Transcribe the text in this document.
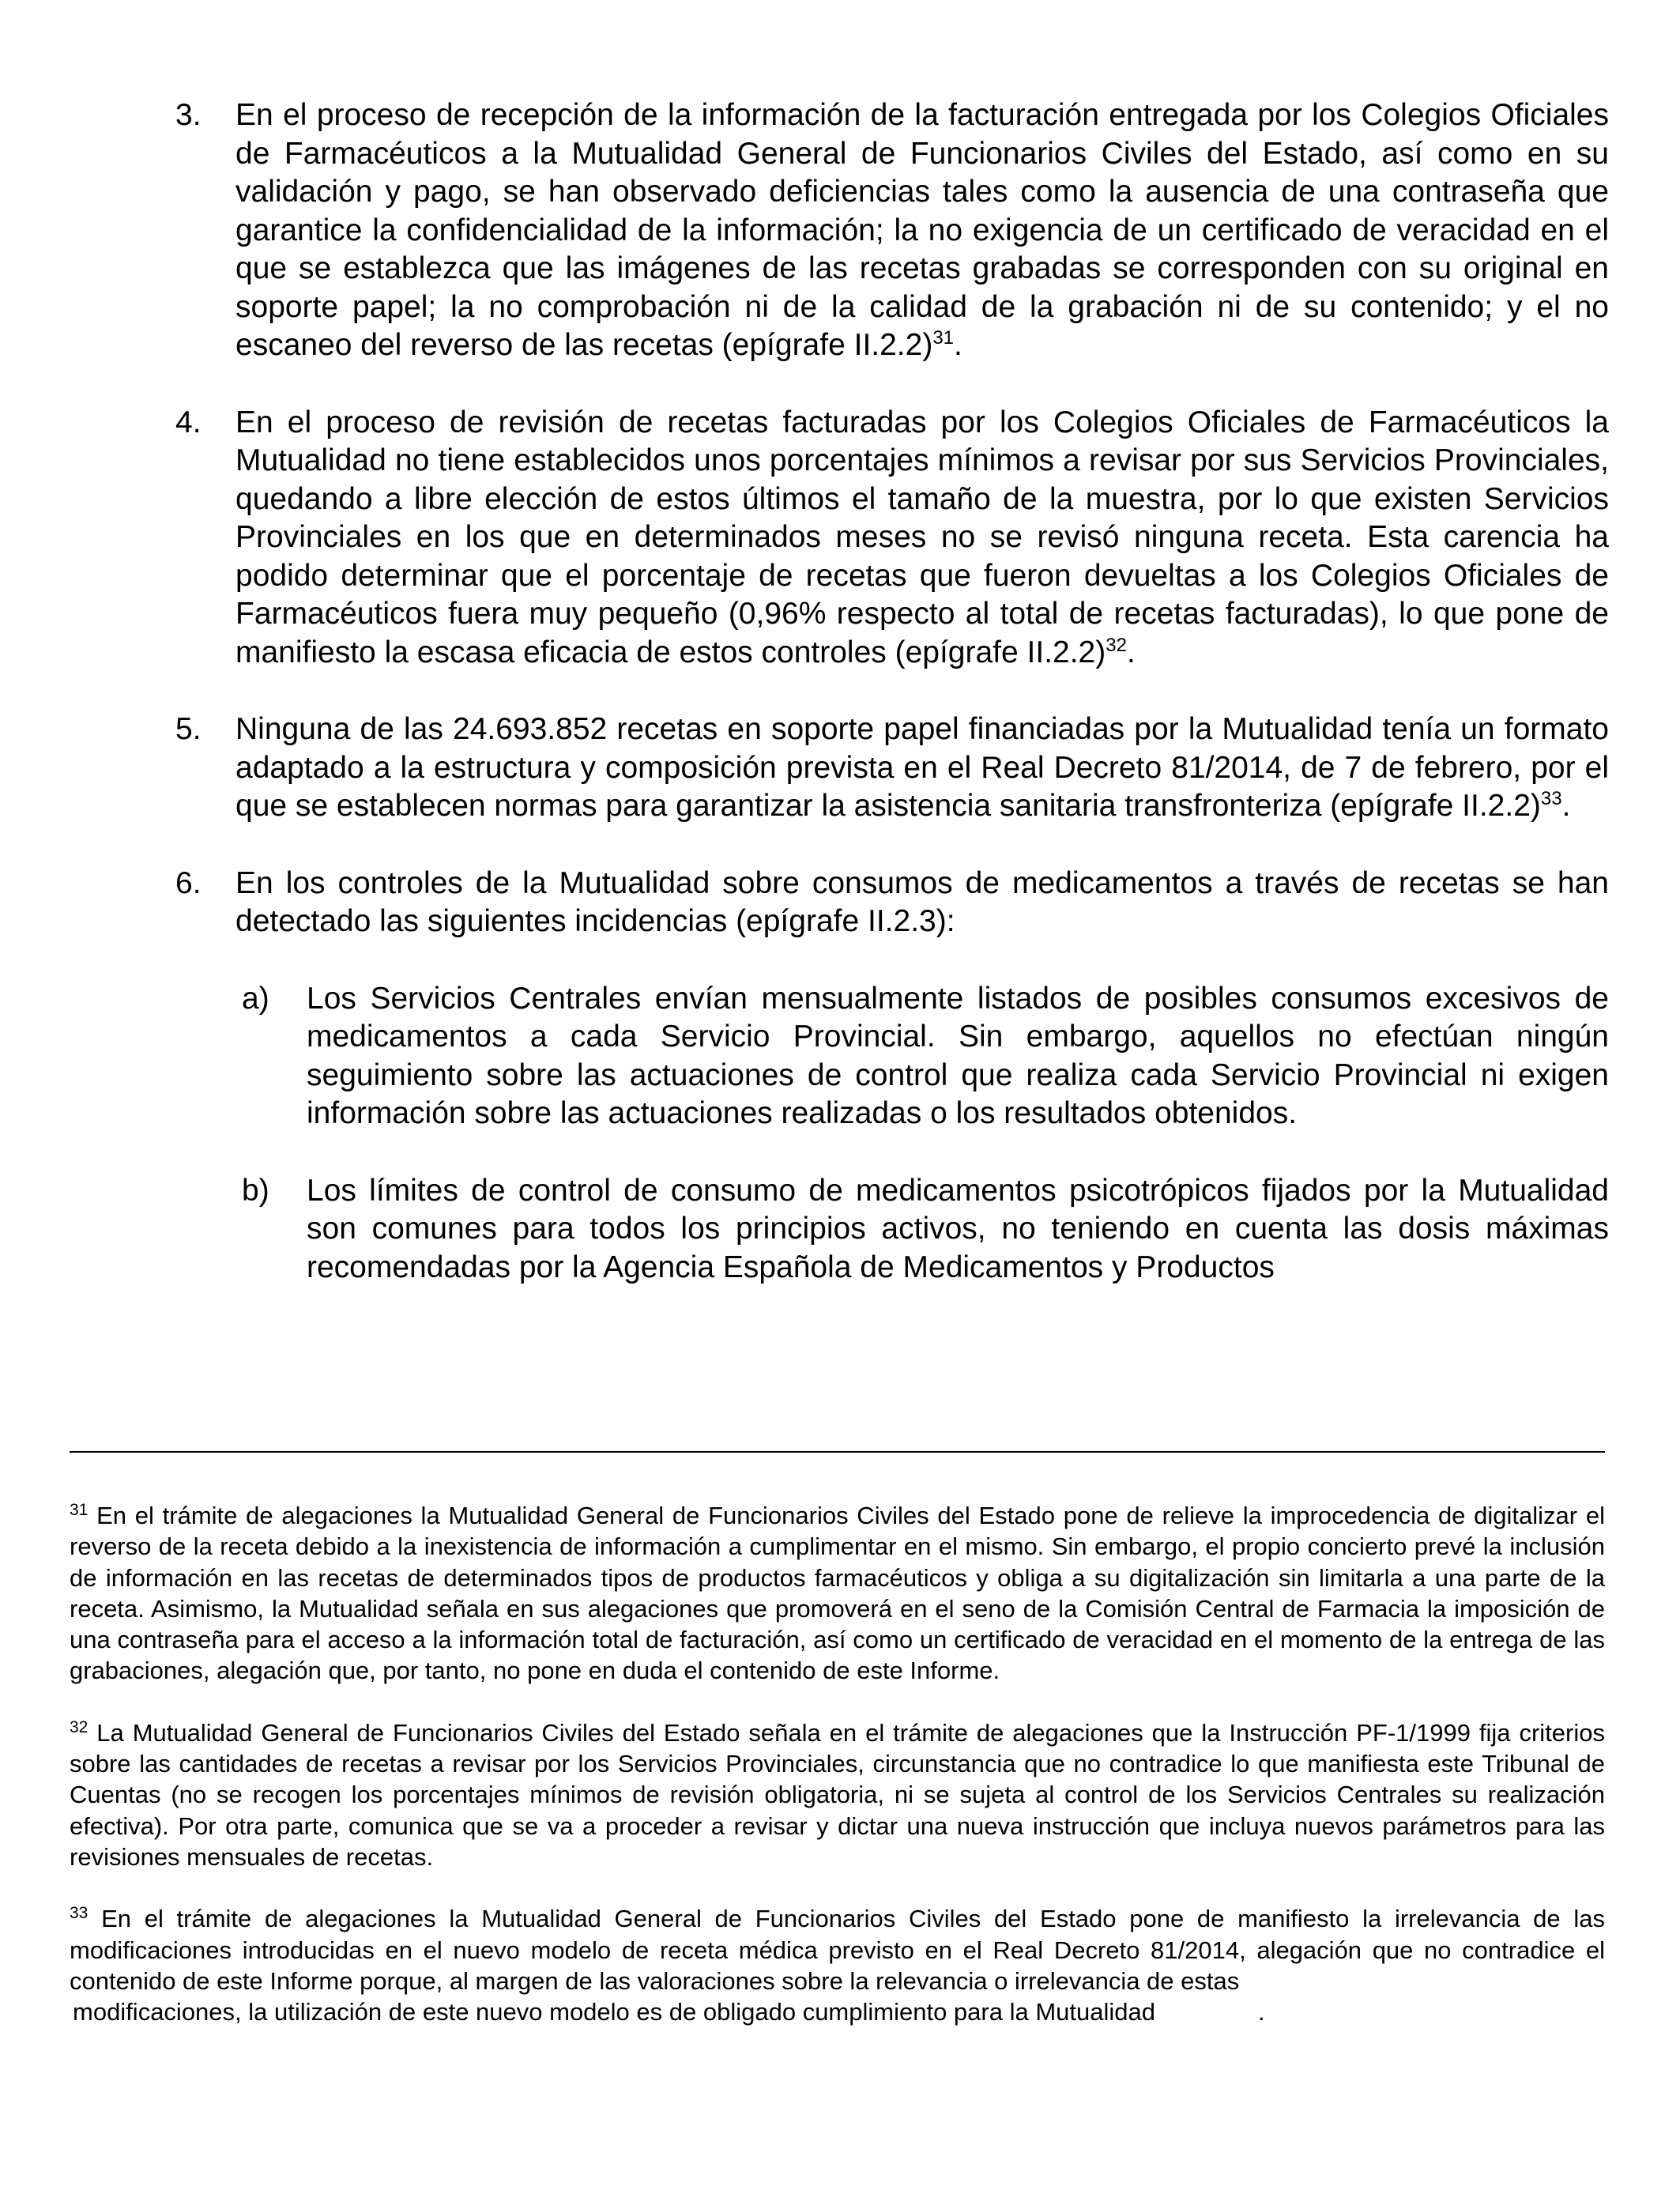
3.	En el proceso de recepción de la información de la facturación entregada por los Colegios Oficiales de Farmacéuticos a la Mutualidad General de Funcionarios Civiles del Estado, así como en su validación y pago, se han observado deficiencias tales como la ausencia de una contraseña que garantice la confidencialidad de la información; la no exigencia de un certificado de veracidad en el que se establezca que las imágenes de las recetas grabadas se corresponden con su original en soporte papel; la no comprobación ni de la calidad de la grabación ni de su contenido; y el no escaneo del reverso de las recetas (epígrafe II.2.2)$^{31}$.
4.	En el proceso de revisión de recetas facturadas por los Colegios Oficiales de Farmacéuticos la Mutualidad no tiene establecidos unos porcentajes mínimos a revisar por sus Servicios Provinciales, quedando a libre elección de estos últimos el tamaño de la muestra, por lo que existen Servicios Provinciales en los que en determinados meses no se revisó ninguna receta. Esta carencia ha podido determinar que el porcentaje de recetas que fueron devueltas a los Colegios Oficiales de Farmacéuticos fuera muy pequeño (0,96% respecto al total de recetas facturadas), lo que pone de manifiesto la escasa eficacia de estos controles (epígrafe II.2.2)$^{32}$.
5.	Ninguna de las 24.693.852 recetas en soporte papel financiadas por la Mutualidad tenía un formato adaptado a la estructura y composición prevista en el Real Decreto 81/2014, de 7 de febrero, por el que se establecen normas para garantizar la asistencia sanitaria transfronteriza (epígrafe II.2.2)$^{33}$.
6.	En los controles de la Mutualidad sobre consumos de medicamentos a través de recetas se han detectado las siguientes incidencias (epígrafe II.2.3):
a)	Los Servicios Centrales envían mensualmente listados de posibles consumos excesivos de medicamentos a cada Servicio Provincial. Sin embargo, aquellos no efectúan ningún seguimiento sobre las actuaciones de control que realiza cada Servicio Provincial ni exigen información sobre las actuaciones realizadas o los resultados obtenidos.
b)	Los límites de control de consumo de medicamentos psicotrópicos fijados por la Mutualidad son comunes para todos los principios activos, no teniendo en cuenta las dosis máximas recomendadas por la Agencia Española de Medicamentos y Productos
$^{31}$ En el trámite de alegaciones la Mutualidad General de Funcionarios Civiles del Estado pone de relieve la improcedencia de digitalizar el reverso de la receta debido a la inexistencia de información a cumplimentar en el mismo. Sin embargo, el propio concierto prevé la inclusión de información en las recetas de determinados tipos de productos farmacéuticos y obliga a su digitalización sin limitarla a una parte de la receta. Asimismo, la Mutualidad señala en sus alegaciones que promoverá en el seno de la Comisión Central de Farmacia la imposición de una contraseña para el acceso a la información total de facturación, así como un certificado de veracidad en el momento de la entrega de las grabaciones, alegación que, por tanto, no pone en duda el contenido de este Informe.
$^{32}$ La Mutualidad General de Funcionarios Civiles del Estado señala en el trámite de alegaciones que la Instrucción PF-1/1999 fija criterios sobre las cantidades de recetas a revisar por los Servicios Provinciales, circunstancia que no contradice lo que manifiesta este Tribunal de Cuentas (no se recogen los porcentajes mínimos de revisión obligatoria, ni se sujeta al control de los Servicios Centrales su realización efectiva). Por otra parte, comunica que se va a proceder a revisar y dictar una nueva instrucción que incluya nuevos parámetros para las revisiones mensuales de recetas.
$^{33}$ En el trámite de alegaciones la Mutualidad General de Funcionarios Civiles del Estado pone de manifiesto la irrelevancia de las modificaciones introducidas en el nuevo modelo de receta médica previsto en el Real Decreto 81/2014, alegación que no contradice el contenido de este Informe porque, al margen de las valoraciones sobre la relevancia o irrelevancia de estas
modificaciones, la utilización de este nuevo modelo es de obligado cumplimiento para la Mutualidad	.
